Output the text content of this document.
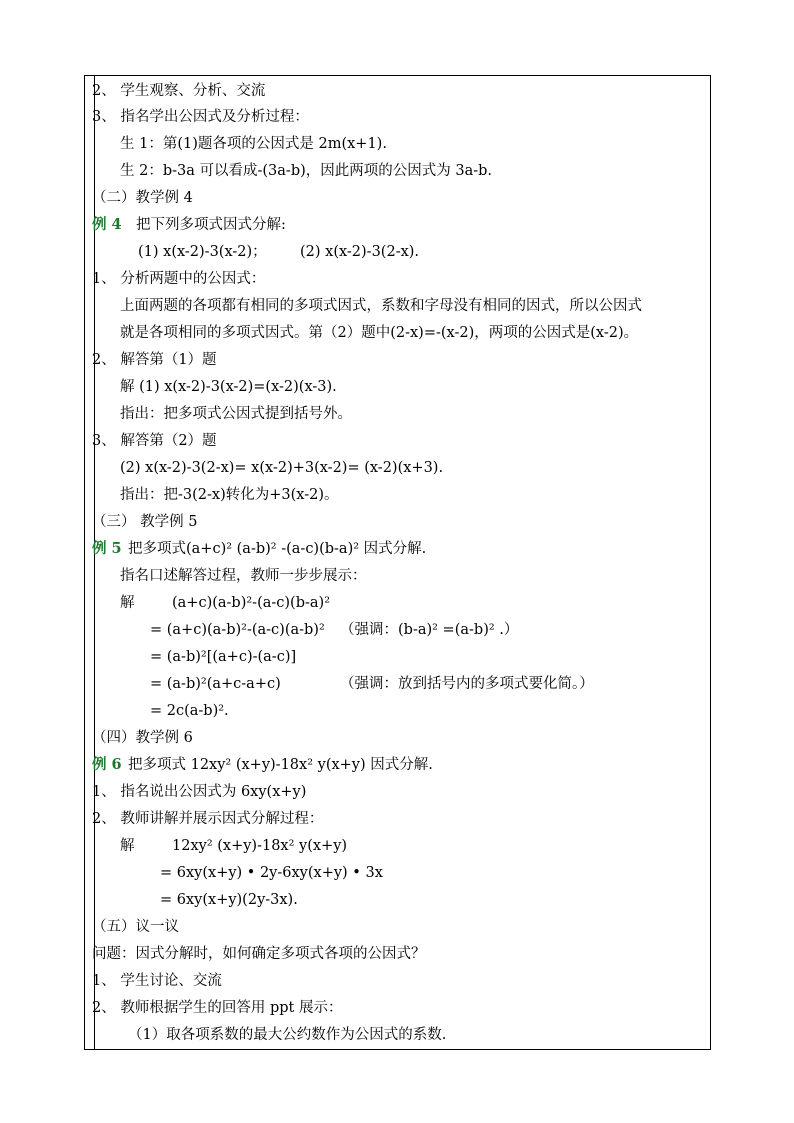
2、 学生观察、分析、交流
3、 指名学出公因式及分析过程：
生 1：第(1)题各项的公因式是 2m(x+1).
生 2：b-3a 可以看成-(3a-b)，因此两项的公因式为 3a-b.
（二）教学例 4
例 4 把下列多项式因式分解:
(1) x(x-2)-3(x-2)； (2) x(x-2)-3(2-x).
1、 分析两题中的公因式：
上面两题的各项都有相同的多项式因式，系数和字母没有相同的因式，所以公因式
就是各项相同的多项式因式。第（2）题中(2-x)=-(x-2)，两项的公因式是(x-2)。
2、 解答第（1）题
解 (1) x(x-2)-3(x-2)=(x-2)(x-3).
指出：把多项式公因式提到括号外。
3、 解答第（2）题
(2) x(x-2)-3(2-x)= x(x-2)+3(x-2)= (x-2)(x+3).
指出：把-3(2-x)转化为+3(x-2)。
（三） 教学例 5
例 5 把多项式(a+c)² (a-b)² -(a-c)(b-a)² 因式分解.
指名口述解答过程，教师一步步展示：
解	(a+c)(a-b)²-(a-c)(b-a)²
= (a+c)(a-b)²-(a-c)(a-b)² （强调：(b-a)² =(a-b)² .）
= (a-b)²[(a+c)-(a-c)]
= (a-b)²(a+c-a+c)	（强调：放到括号内的多项式要化简。）
= 2c(a-b)².
（四）教学例 6
例 6 把多项式 12xy² (x+y)-18x² y(x+y) 因式分解.
1、 指名说出公因式为 6xy(x+y)
2、 教师讲解并展示因式分解过程：
解	12xy² (x+y)-18x² y(x+y)
= 6xy(x+y) • 2y-6xy(x+y) • 3x
= 6xy(x+y)(2y-3x).
（五）议一议
问题：因式分解时，如何确定多项式各项的公因式？
1、 学生讨论、交流
2、 教师根据学生的回答用 ppt 展示：
（1）取各项系数的最大公约数作为公因式的系数.
